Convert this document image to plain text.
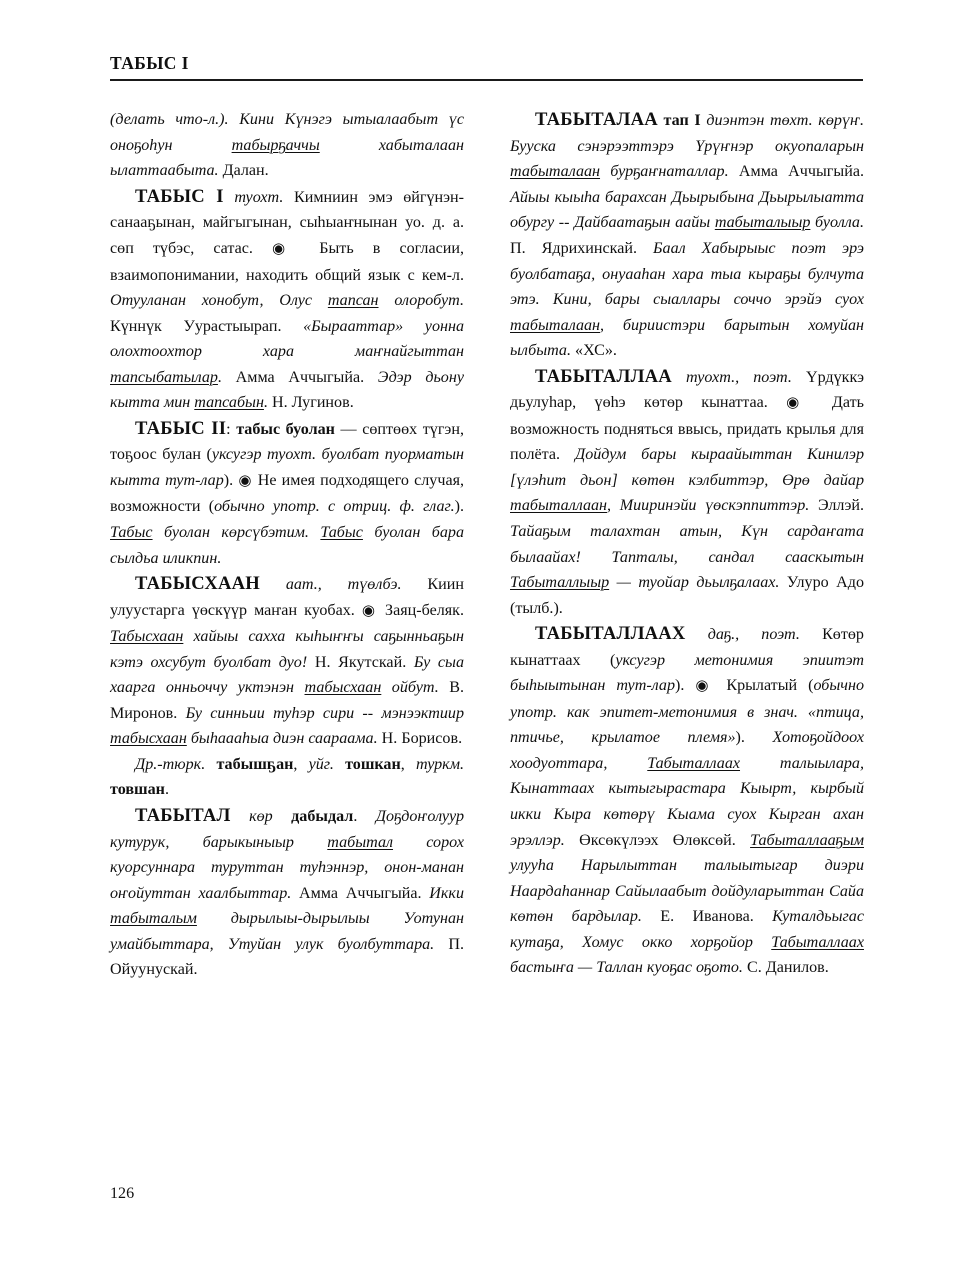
ТАБЫС I

(делать что-л.). Кини Күнэгэ ытыалаабыт үс оноҕоһун табырҕаччы хабыталаан ылаттаабыта. Далан.

ТАБЫС I туохт. Кимниин эмэ өйгүнэн-санааҕынан, майгыгынан, сыһыаҥнынан уо. д. а. сөп түбэс, сатас. ◉ Быть в согласии, взаимопонимании, находить общий язык с кем-л. Отууланан хонобут, Олус тапсан олоробут. Күннүк Уурастыырап. «Бырааттар» уонна олохтоохтор хара маҥнайгыттан тапсыбатылар. Амма Аччыгыйа. Эдэр дьону кытта мин тапсабын. Н. Лугинов.

ТАБЫС II: табыс буолан — сөптөөх түгэн, тоҕоос булан (уксугэр туохт. буолбат пуорматын кытта тут-лар). ◉ Не имея подходящего случая, возможности (обычно употр. с отриц. ф. глаг.). Табыс буолан көрсүбэтим. Табыс буолан бара сылдьа иликпин.

ТАБЫСХААН аат., түөлбэ. Киин улуустарга үөскүүр маҥан куобах. ◉ Заяц-беляк. Табысхаан хайыы сахха кыһыҥҥы саҕынньаҕын кэтэ охсубут буолбат дуо! Н. Якутскай. Бу сыа хаарга онньоччу уктэнэн табысхаан ойбут. В. Миронов. Бу синньии туһэр сири -- мэнээктиир табысхаан быһаааһыа диэн саараама. Н. Борисов.

Др.-тюрк. табышҕан, уйг. тошкан, туркм. товшан.

ТАБЫТАЛ көр дабыдал. Доҕдоҥолуур кутурук, барыкыныыр табытал сорох куорсуннара туруттан туһэннэр, онон-манан оҥойуттан хаалбыттар. Амма Аччыгыйа. Икки табыталым дырылыы-дырылыы Уотунан умайбыттара, Утуйан улук буолбуттара. П. Ойуунускай.

ТАБЫТАЛАА тап I диэнтэн төхт. көрүҥ. Бууска сэнэрээттэрэ Үрүҥнэр окуопаларын табыталаан бурҕаҥнаталлар. Амма Аччыгыйа. Айыы кыыһа барахсан Дьырыбына Дьырылыатта обургу -- Дайбаатаҕын аайы табыталыыр буолла. П. Ядрихинскай. Баал Хабырыыс поэт эрэ буолбатаҕа, онуааһан хара тыа кыраҕы булчута этэ. Кини, бары сыаллары соччо эрэйэ суох табыталаан, бириистэри барытын хомуйан ылбыта. «ХС».

ТАБЫТАЛЛАА туохт., поэт. Үрдүккэ дьулуһар, үөһэ көтөр кынаттаа. ◉ Дать возможность подняться ввысь, придать крылья для полёта. Дойдум бары кыраайыттан Кинилэр [үлэһит дьон] көтөн кэлбиттэр, Өрө дайар табыталлаан, Мииринэйи үөскэппиттэр. Эллэй. Тайаҕым талахтан атын, Күн сардаҥата былаайах! Тапталы, сандал сааскытын Табыталлыыр — туойар дьылҕалаах. Улуро Адо (тылб.).

ТАБЫТАЛЛААХ даҕ., поэт. Көтөр кынаттаах (уксугэр метонимия эпиитэт быһыытынан тут-лар). ◉ Крылатый (обычно употр. как эпитет-метонимия в знач. «птица, птичье, крылатое племя»). Хотоҕойдоох хоодуоттара, Табыталлаах талыылара, Кынаттаах кытыгырастара Кыырт, кырбый икки Кыра көтөрү Кыама суох Кырган ахан эрэллэр. Өксөкүлээх Өлөксөй. Табыталлааҕым улууһа Нарылыттан талыытыгар диэри Наардаһаннар Сайылаабыт дойдуларыттан Сайа көтөн бардылар. Е. Иванова. Куталдьыгас кутаҕа, Хомус окко хорҕойор Табыталлаах бастыҥа — Таллан куоҕас оҕото. С. Данилов.

126
